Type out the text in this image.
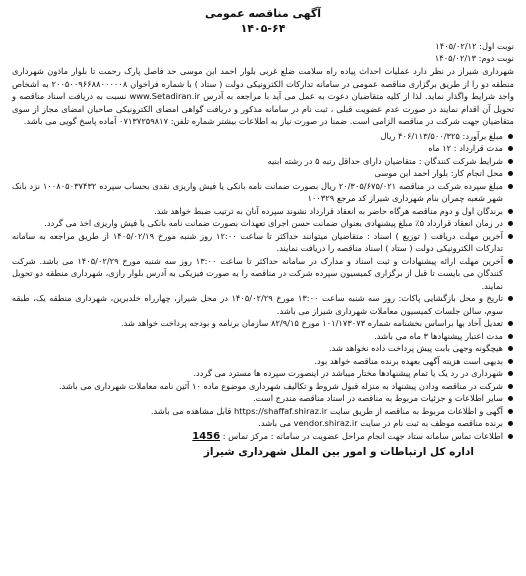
آگهی مناقصه عمومی

۱۴۰۵-۶۴

نوبت اول: ۱۴۰۵/۰۲/۱۲
نوبت دوم: ۱۴۰۵/۰۲/۱۳

شهرداری شیراز در نظر دارد عملیات احداث پیاده راه سلامت ضلع غربی بلوار احمد ابن موسی حد فاصل پارک رحمت تا بلوار ماذون شهرداری منطقه دو را از طریق برگزاری مناقصه عمومی در سامانه تدارکات الکترونیکی دولت ( ستاد ) با شماره فراخوان ۲۰۰۵۰۰۹۶۶۸۸۰۰۰۰۰۸ به اشخاص واجد شرایط واگذار نماید. لذا از کلیه متقاضیان دعوت به عمل می آید با مراجعه به آدرس www.Setadiran.ir نسبت به دریافت اسناد مناقصه و تحویل آن اقدام نمایند در صورت عدم عضویت قبلی ، ثبت نام در سامانه مذکور و دریافت گواهی امضای الکترونیکی صاحبان امضای مجاز از سوی متقاضیان جهت شرکت در مناقصه الزامی است. ضمنا در صورت نیاز به اطلاعات بیشتر شماره تلفن: ۰۷۱۳۷۲۵۹۸۱۷ آماده پاسخ گویی می باشد.

مبلغ برآورد: ۴۰۶/۱۱۳/۵۰۰/۳۲۵ ریال
مدت قرارداد : ۱۲ ماه
شرایط شرکت کنندگان : متقاضیان دارای حداقل رتبه ۵ در رشته ابنیه
محل انجام کار: بلوار احمد ابن موسی
مبلغ سپرده شرکت در مناقصه ۲۰/۳۰۵/۶۷۵/۰۲۱ ریال بصورت ضمانت نامه بانکی یا فیش واریزی نقدی بحساب سپرده ۱۰۰۸۰۵۰۳۷۴۳۲ نزد بانک شهر شعبه چمران بنام شهرداری شیراز کد مرجع ۱۰۰۳۲۹
برندگان اول و دوم مناقصه هرگاه حاضر به انعقاد قرارداد نشوند سپرده آنان به ترتیب ضبط خواهد شد.
در زمان انعقاد قرارداد ۵٪ مبلغ پیشنهادی بعنوان ضمانت حسن اجرای تعهدات بصورت ضمانت نامه بانکی یا فیش واریزی اخذ می گردد.
آخرین مهلت دریافت ( توزیع ) اسناد : متقاضیان میتوانند حداکثر تا ساعت ۱۲:۰۰ روز شنبه مورخ ۱۴۰۵/۰۲/۱۹ از طریق مراجعه به سامانه تدارکات الکترونیکی دولت ( ستاد ) اسناد مناقصه را دریافت نمایند.
آخرین مهلت ارائه پیشنهادات و ثبت اسناد و مدارک در سامانه حداکثر تا ساعت ۱۳:۰۰ روز سه شنبه مورخ ۱۴۰۵/۰۲/۲۹ می باشد. شرکت کنندگان می بایست تا قبل از برگزاری کمیسیون سپرده شرکت در مناقصه را به صورت فیزیکی به آدرس بلوار رازی، شهرداری منطقه دو تحویل نمایند.
تاریخ و محل بازگشایی پاکات: روز سه شنبه ساعت ۱۳:۰۰ مورخ ۱۴۰۵/۰۲/۲۹ در محل شیراز، چهارراه خلدبرین، شهرداری منطقه یک، طبقه سوم، سالن جلسات کمیسیون معاملات شهرداری شیراز می باشد.
تعدیل آحاد بها براساس بخشنامه شماره ۱۰۱/۱۷۳۰۷۳ مورخ ۸۲/۹/۱۵ سازمان برنامه و بودجه پرداخت خواهد شد.
مدت اعتبار پیشنهادها ۳ ماه می باشد.
هیچگونه وجهی بابت پیش پرداخت داده نخواهد شد.
بدیهی است هزینه آگهی بعهده برنده مناقصه خواهد بود.
شهرداری در رد یک یا تمام پیشنهادها مختار میباشد در اینصورت سپرده ها مسترد می گردد.
شرکت در مناقصه ودادن پیشنهاد به منزله قبول شروط و تکالیف شهرداری موضوع ماده ۱۰ آئین نامه معاملات شهرداری می باشد.
سایر اطلاعات و جزئیات مربوط به مناقصه در اسناد مناقصه مندرج است.
آگهی و اطلاعات مربوط به مناقصه از طریق سایت https://shaffaf.shiraz.ir قابل مشاهده می باشد.
برنده مناقصه موظف به ثبت نام در سایت vendor.shiraz.ir می باشد.
اطلاعات تماس سامانه ستاد جهت انجام مراحل عضویت در سامانه : مرکز تماس : 1456
اداره کل ارتباطات و امور بین الملل شهرداری شیراز
